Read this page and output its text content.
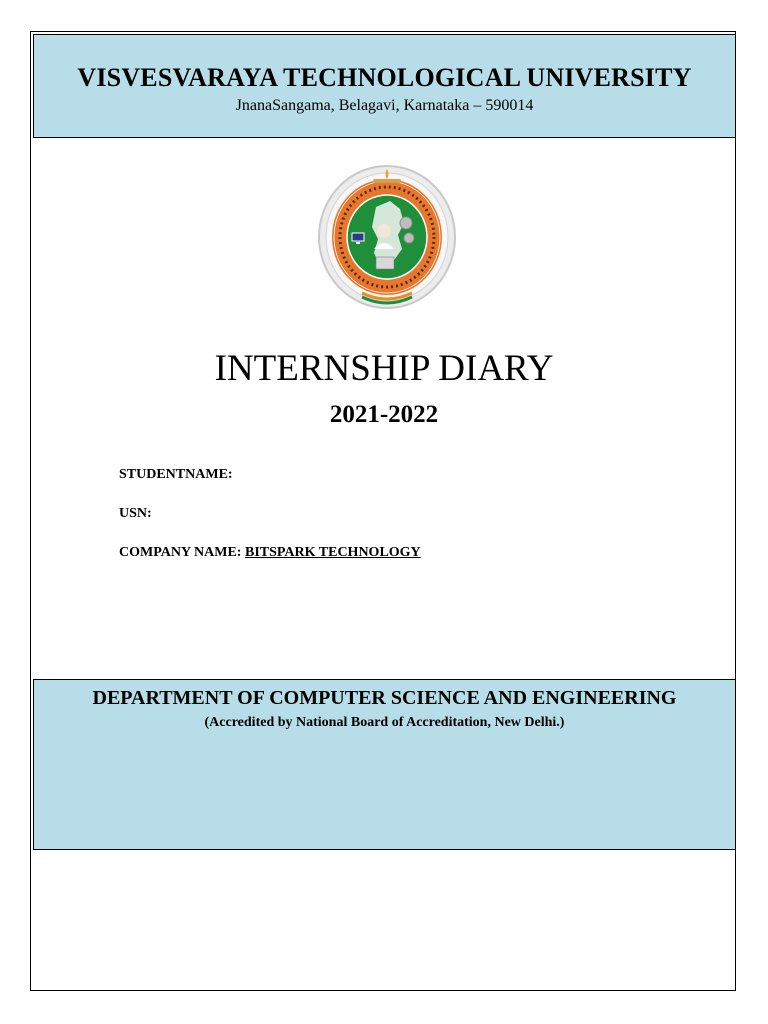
VISVESVARAYA TECHNOLOGICAL UNIVERSITY
JnanaSangama, Belagavi, Karnataka – 590014
INTERNSHIP DIARY
2021-2022
STUDENTNAME:
USN:
COMPANY NAME: BITSPARK TECHNOLOGY
DEPARTMENT OF COMPUTER SCIENCE AND ENGINEERING
(Accredited by National Board of Accreditation, New Delhi.)
